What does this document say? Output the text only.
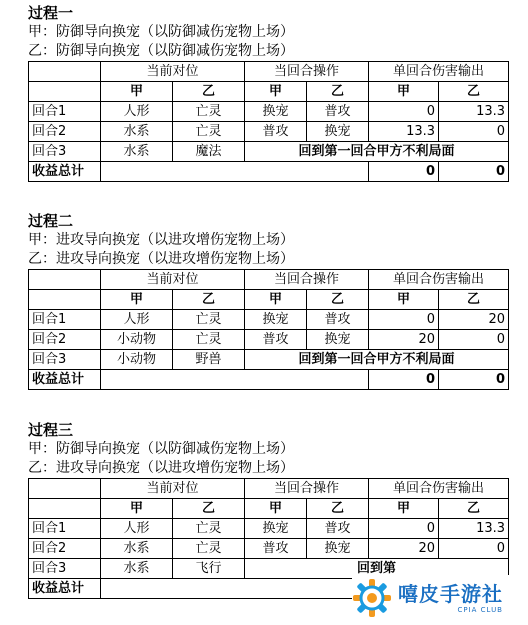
过程一
甲：防御导向换宠（以防御减伤宠物上场）
乙：防御导向换宠（以防御减伤宠物上场）
	当前对位		当回合操作		单回合伤害输出	
	甲	乙	甲	乙	甲	乙
回合1	人形	亡灵	换宠	普攻	0	13.3
回合2	水系	亡灵	普攻	换宠	13.3	0
回合3	水系	魔法	回到第一回合甲方不利局面			
收益总计					0	0
过程二
甲：进攻导向换宠（以进攻增伤宠物上场）
乙：进攻导向换宠（以进攻增伤宠物上场）
	当前对位		当回合操作		单回合伤害输出	
	甲	乙	甲	乙	甲	乙
回合1	人形	亡灵	换宠	普攻	0	20
回合2	小动物	亡灵	普攻	换宠	20	0
回合3	小动物	野兽	回到第一回合甲方不利局面			
收益总计					0	0
过程三
甲：防御导向换宠（以防御减伤宠物上场）
乙：进攻导向换宠（以进攻增伤宠物上场）
	当前对位		当回合操作		单回合伤害输出	
	甲	乙	甲	乙	甲	乙
回合1	人形	亡灵	换宠	普攻	0	13.3
回合2	水系	亡灵	普攻	换宠	20	0
回合3	水系	飞行	回到第			
收益总计							嘻皮手游社
CPIA CLUB
